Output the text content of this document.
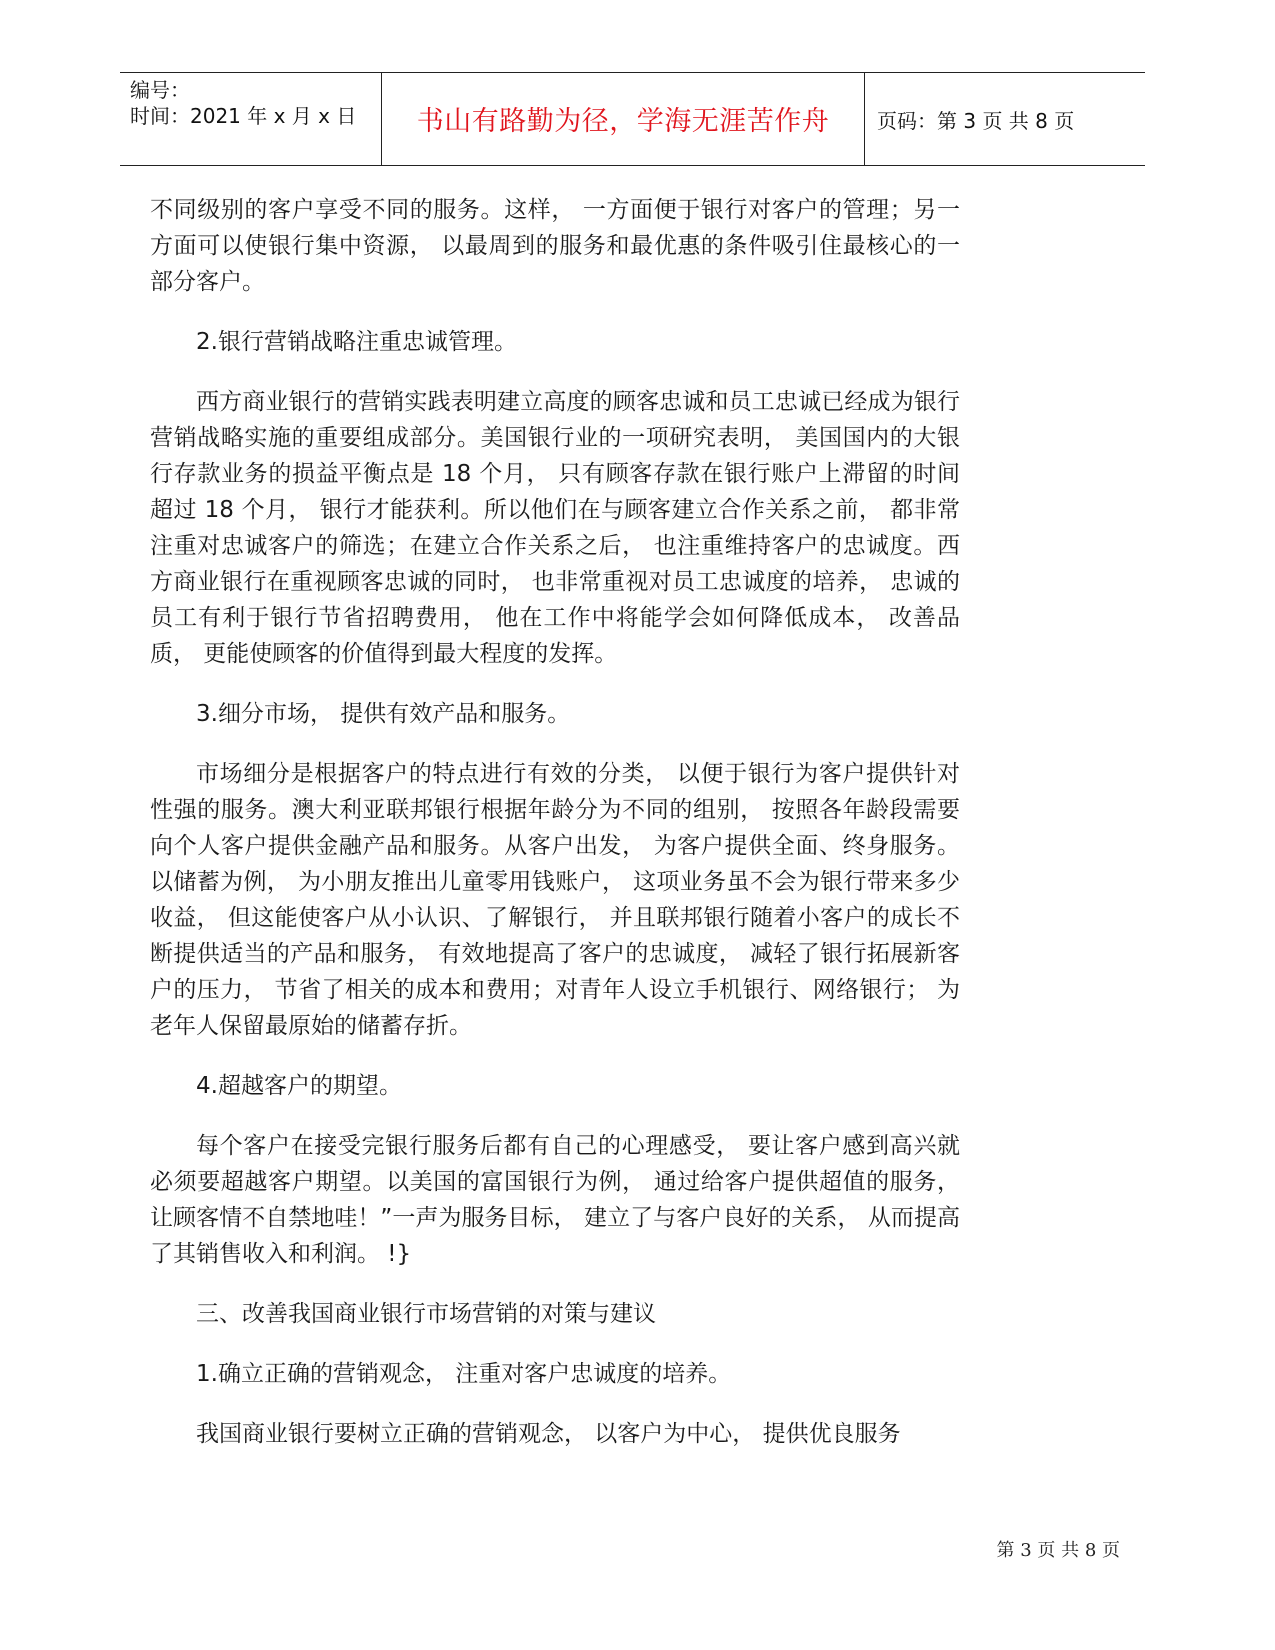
编号：
时间：2021 年 x 月 x 日	书山有路勤为径，学海无涯苦作舟 页码：第 3 页 共 8 页

不同级别的客户享受不同的服务。这样， 一方面便于银行对客户的管理；另一方面可以使银行集中资源， 以最周到的服务和最优惠的条件吸引住最核心的一部分客户。

2.银行营销战略注重忠诚管理。

西方商业银行的营销实践表明建立高度的顾客忠诚和员工忠诚已经成为银行营销战略实施的重要组成部分。美国银行业的一项研究表明， 美国国内的大银行存款业务的损益平衡点是 18 个月， 只有顾客存款在银行账户上滞留的时间超过 18 个月， 银行才能获利。所以他们在与顾客建立合作关系之前， 都非常注重对忠诚客户的筛选；在建立合作关系之后， 也注重维持客户的忠诚度。西方商业银行在重视顾客忠诚的同时， 也非常重视对员工忠诚度的培养， 忠诚的员工有利于银行节省招聘费用， 他在工作中将能学会如何降低成本， 改善品质， 更能使顾客的价值得到最大程度的发挥。

3.细分市场， 提供有效产品和服务。

市场细分是根据客户的特点进行有效的分类， 以便于银行为客户提供针对性强的服务。澳大利亚联邦银行根据年龄分为不同的组别， 按照各年龄段需要向个人客户提供金融产品和服务。从客户出发， 为客户提供全面、终身服务。以储蓄为例， 为小朋友推出儿童零用钱账户， 这项业务虽不会为银行带来多少收益， 但这能使客户从小认识、了解银行， 并且联邦银行随着小客户的成长不断提供适当的产品和服务， 有效地提高了客户的忠诚度， 减轻了银行拓展新客户的压力， 节省了相关的成本和费用；对青年人设立手机银行、网络银行； 为老年人保留最原始的储蓄存折。

4.超越客户的期望。

每个客户在接受完银行服务后都有自己的心理感受， 要让客户感到高兴就必须要超越客户期望。以美国的富国银行为例， 通过给客户提供超值的服务， 让顾客情不自禁地哇！”一声为服务目标， 建立了与客户良好的关系， 从而提高了其销售收入和利润。 !}

三、改善我国商业银行市场营销的对策与建议

1.确立正确的营销观念， 注重对客户忠诚度的培养。

我国商业银行要树立正确的营销观念， 以客户为中心， 提供优良服务

第 3 页 共 8 页
